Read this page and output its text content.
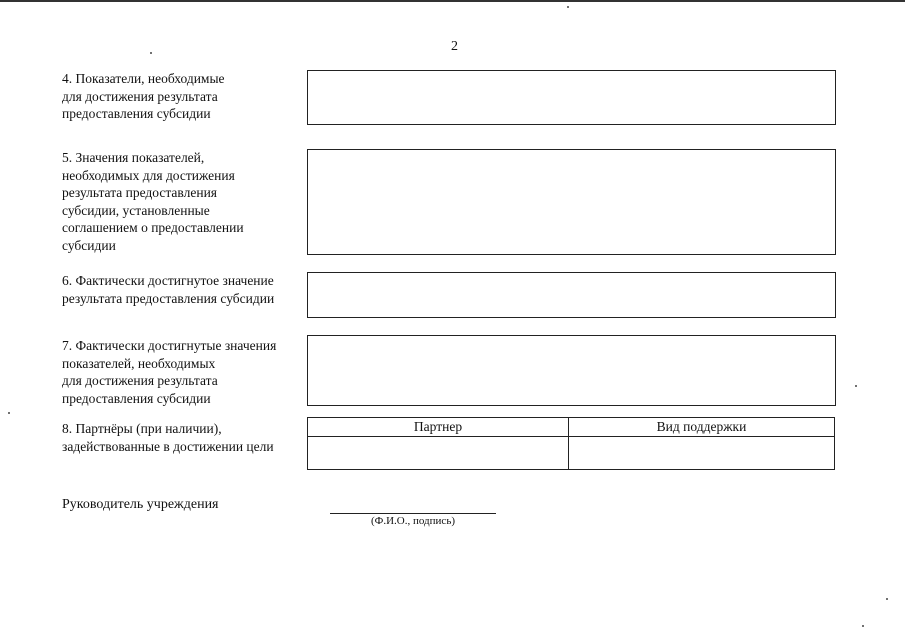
2
4. Показатели, необходимые
для достижения результата
предоставления субсидии
5. Значения показателей,
необходимых для достижения
результата предоставления
субсидии, установленные
соглашением о предоставлении
субсидии
6. Фактически достигнутое значение
результата предоставления субсидии
7. Фактически достигнутые значения
показателей, необходимых
для достижения результата
предоставления субсидии
8. Партнёры (при наличии),
задействованные в достижении цели
Партнер	Вид поддержки

Руководитель учреждения
(Ф.И.О., подпись)
